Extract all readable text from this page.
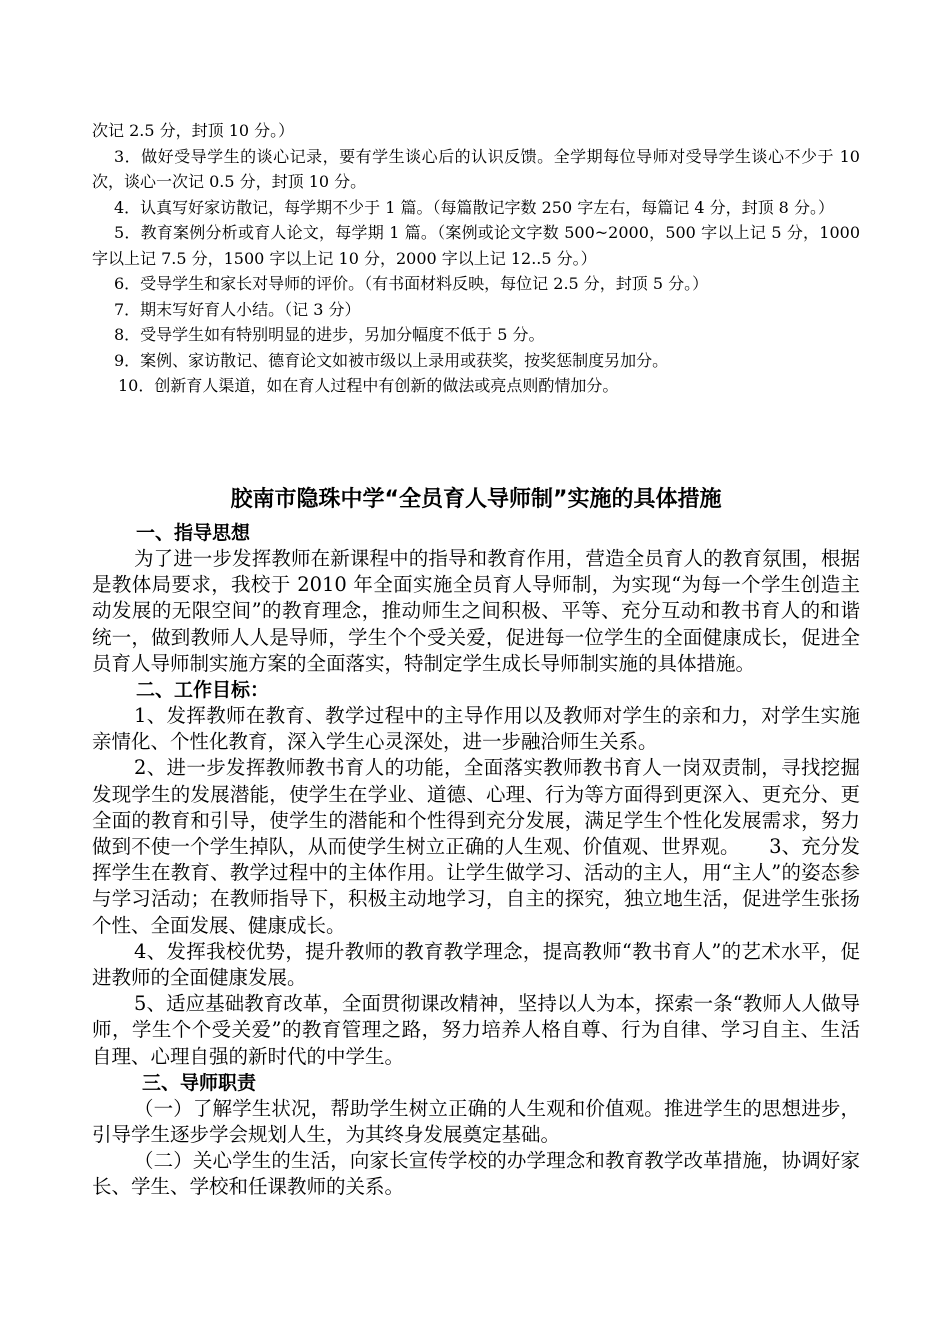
次记 2.5 分，封顶 10 分。）

3．做好受导学生的谈心记录，要有学生谈心后的认识反馈。全学期每位导师对受导学生谈心不少于 10 次，谈心一次记 0.5 分，封顶 10 分。

4．认真写好家访散记，每学期不少于 1 篇。（每篇散记字数 250 字左右，每篇记 4 分，封顶 8 分。）

5．教育案例分析或育人论文，每学期 1 篇。（案例或论文字数 500~2000，500 字以上记 5 分，1000 字以上记 7.5 分，1500 字以上记 10 分，2000 字以上记 12..5 分。）

6．受导学生和家长对导师的评价。（有书面材料反映，每位记 2.5 分，封顶 5 分。）

7．期末写好育人小结。（记 3 分）

8．受导学生如有特别明显的进步，另加分幅度不低于 5 分。

9．案例、家访散记、德育论文如被市级以上录用或获奖，按奖惩制度另加分。

10．创新育人渠道，如在育人过程中有创新的做法或亮点则酌情加分。

胶南市隐珠中学“全员育人导师制”实施的具体措施
一、指导思想

为了进一步发挥教师在新课程中的指导和教育作用，营造全员育人的教育氛围，根据是教体局要求，我校于 2010 年全面实施全员育人导师制，为实现“为每一个学生创造主动发展的无限空间”的教育理念，推动师生之间积极、平等、充分互动和教书育人的和谐统一，做到教师人人是导师，学生个个受关爱，促进每一位学生的全面健康成长，促进全员育人导师制实施方案的全面落实，特制定学生成长导师制实施的具体措施。

二、工作目标：

1、发挥教师在教育、教学过程中的主导作用以及教师对学生的亲和力，对学生实施亲情化、个性化教育，深入学生心灵深处，进一步融洽师生关系。

2、进一步发挥教师教书育人的功能，全面落实教师教书育人一岗双责制，寻找挖掘发现学生的发展潜能，使学生在学业、道德、心理、行为等方面得到更深入、更充分、更全面的教育和引导，使学生的潜能和个性得到充分发展，满足学生个性化发展需求，努力做到不使一个学生掉队，从而使学生树立正确的人生观、价值观、世界观。　　3、充分发挥学生在教育、教学过程中的主体作用。让学生做学习、活动的主人，用“主人”的姿态参与学习活动；在教师指导下，积极主动地学习，自主的探究，独立地生活，促进学生张扬个性、全面发展、健康成长。

4、发挥我校优势，提升教师的教育教学理念，提高教师“教书育人”的艺术水平，促进教师的全面健康发展。

5、适应基础教育改革，全面贯彻课改精神，坚持以人为本，探索一条“教师人人做导师，学生个个受关爱”的教育管理之路，努力培养人格自尊、行为自律、学习自主、生活自理、心理自强的新时代的中学生。

三、导师职责

（一）了解学生状况，帮助学生树立正确的人生观和价值观。推进学生的思想进步，引导学生逐步学会规划人生，为其终身发展奠定基础。

（二）关心学生的生活，向家长宣传学校的办学理念和教育教学改革措施，协调好家长、学生、学校和任课教师的关系。
